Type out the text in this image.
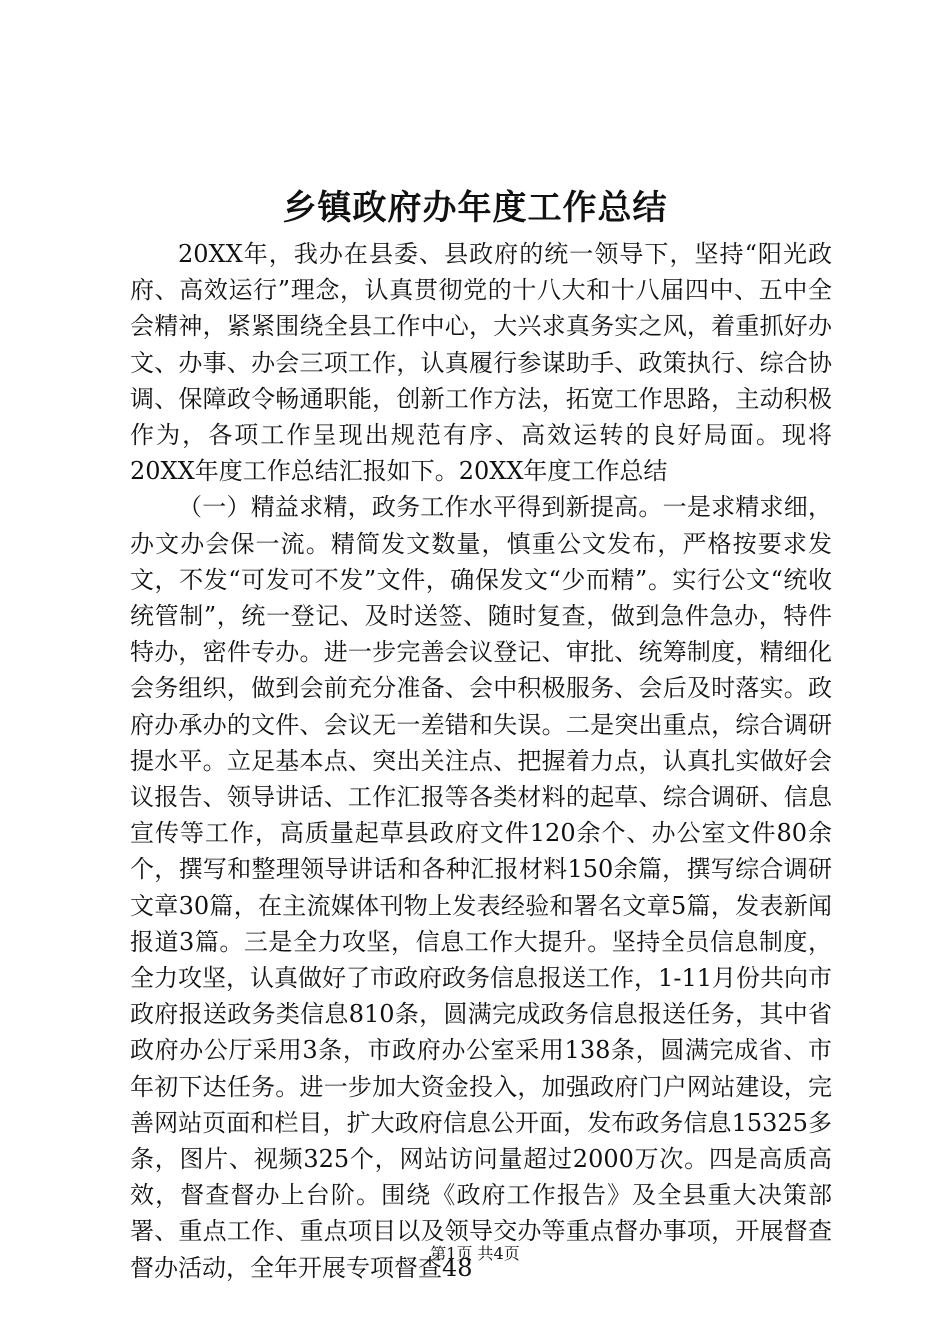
乡镇政府办年度工作总结

20XX年，我办在县委、县政府的统一领导下，坚持“阳光政府、高效运行”理念，认真贯彻党的十八大和十八届四中、五中全会精神，紧紧围绕全县工作中心，大兴求真务实之风，着重抓好办文、办事、办会三项工作，认真履行参谋助手、政策执行、综合协调、保障政令畅通职能，创新工作方法，拓宽工作思路，主动积极作为，各项工作呈现出规范有序、高效运转的良好局面。现将20XX年度工作总结汇报如下。20XX年度工作总结

（一）精益求精，政务工作水平得到新提高。一是求精求细，办文办会保一流。精简发文数量，慎重公文发布，严格按要求发文，不发“可发可不发”文件，确保发文“少而精”。实行公文“统收统管制”，统一登记、及时送签、随时复查，做到急件急办，特件特办，密件专办。进一步完善会议登记、审批、统筹制度，精细化会务组织，做到会前充分准备、会中积极服务、会后及时落实。政府办承办的文件、会议无一差错和失误。二是突出重点，综合调研提水平。立足基本点、突出关注点、把握着力点，认真扎实做好会议报告、领导讲话、工作汇报等各类材料的起草、综合调研、信息宣传等工作，高质量起草县政府文件120余个、办公室文件80余个，撰写和整理领导讲话和各种汇报材料150余篇，撰写综合调研文章30篇，在主流媒体刊物上发表经验和署名文章5篇，发表新闻报道3篇。三是全力攻坚，信息工作大提升。坚持全员信息制度，全力攻坚，认真做好了市政府政务信息报送工作，1-11月份共向市政府报送政务类信息810条，圆满完成政务信息报送任务，其中省政府办公厅采用3条，市政府办公室采用138条，圆满完成省、市年初下达任务。进一步加大资金投入，加强政府门户网站建设，完善网站页面和栏目，扩大政府信息公开面，发布政务信息15325多条，图片、视频325个，网站访问量超过2000万次。四是高质高效，督查督办上台阶。围绕《政府工作报告》及全县重大决策部署、重点工作、重点项目以及领导交办等重点督办事项，开展督查督办活动，全年开展专项督查48

第1页 共4页
